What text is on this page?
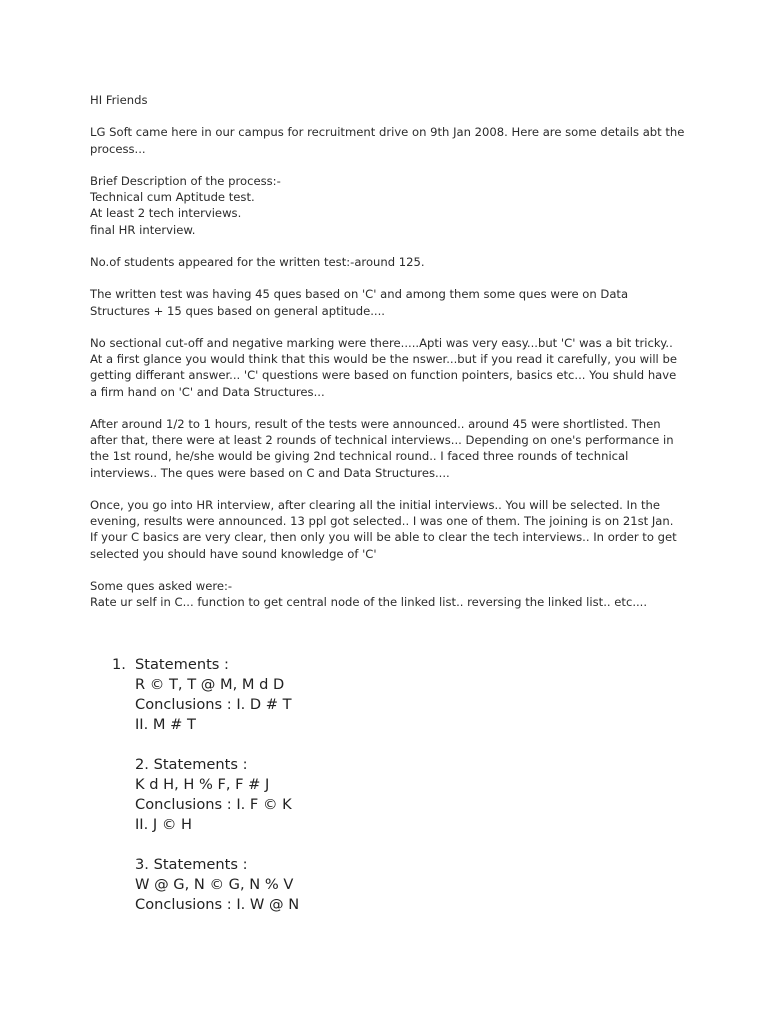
HI Friends
LG Soft came here in our campus for recruitment drive on 9th Jan 2008. Here are some details abt the
process...
Brief Description of the process:-
Technical cum Aptitude test.
At least 2 tech interviews.
final HR interview.
No.of students appeared for the written test:-around 125.
The written test was having 45 ques based on 'C' and among them some ques were on Data
Structures + 15 ques based on general aptitude....
No sectional cut-off and negative marking were there.....Apti was very easy...but 'C' was a bit tricky..
At a first glance you would think that this would be the nswer...but if you read it carefully, you will be
getting differant answer... 'C' questions were based on function pointers, basics etc... You shuld have
a firm hand on 'C' and Data Structures...
After around 1/2 to 1 hours, result of the tests were announced.. around 45 were shortlisted. Then
after that, there were at least 2 rounds of technical interviews... Depending on one's performance in
the 1st round, he/she would be giving 2nd technical round.. I faced three rounds of technical
interviews.. The ques were based on C and Data Structures....
Once, you go into HR interview, after clearing all the initial interviews.. You will be selected. In the
evening, results were announced. 13 ppl got selected.. I was one of them. The joining is on 21st Jan.
If your C basics are very clear, then only you will be able to clear the tech interviews.. In order to get
selected you should have sound knowledge of 'C'
Some ques asked were:-
Rate ur self in C... function to get central node of the linked list.. reversing the linked list.. etc....
1. Statements :
R © T, T @ M, M d D
Conclusions : I. D # T
II. M # T
2. Statements :
K d H, H % F, F # J
Conclusions : I. F © K
II. J © H
3. Statements :
W @ G, N © G, N % V
Conclusions : I. W @ N
